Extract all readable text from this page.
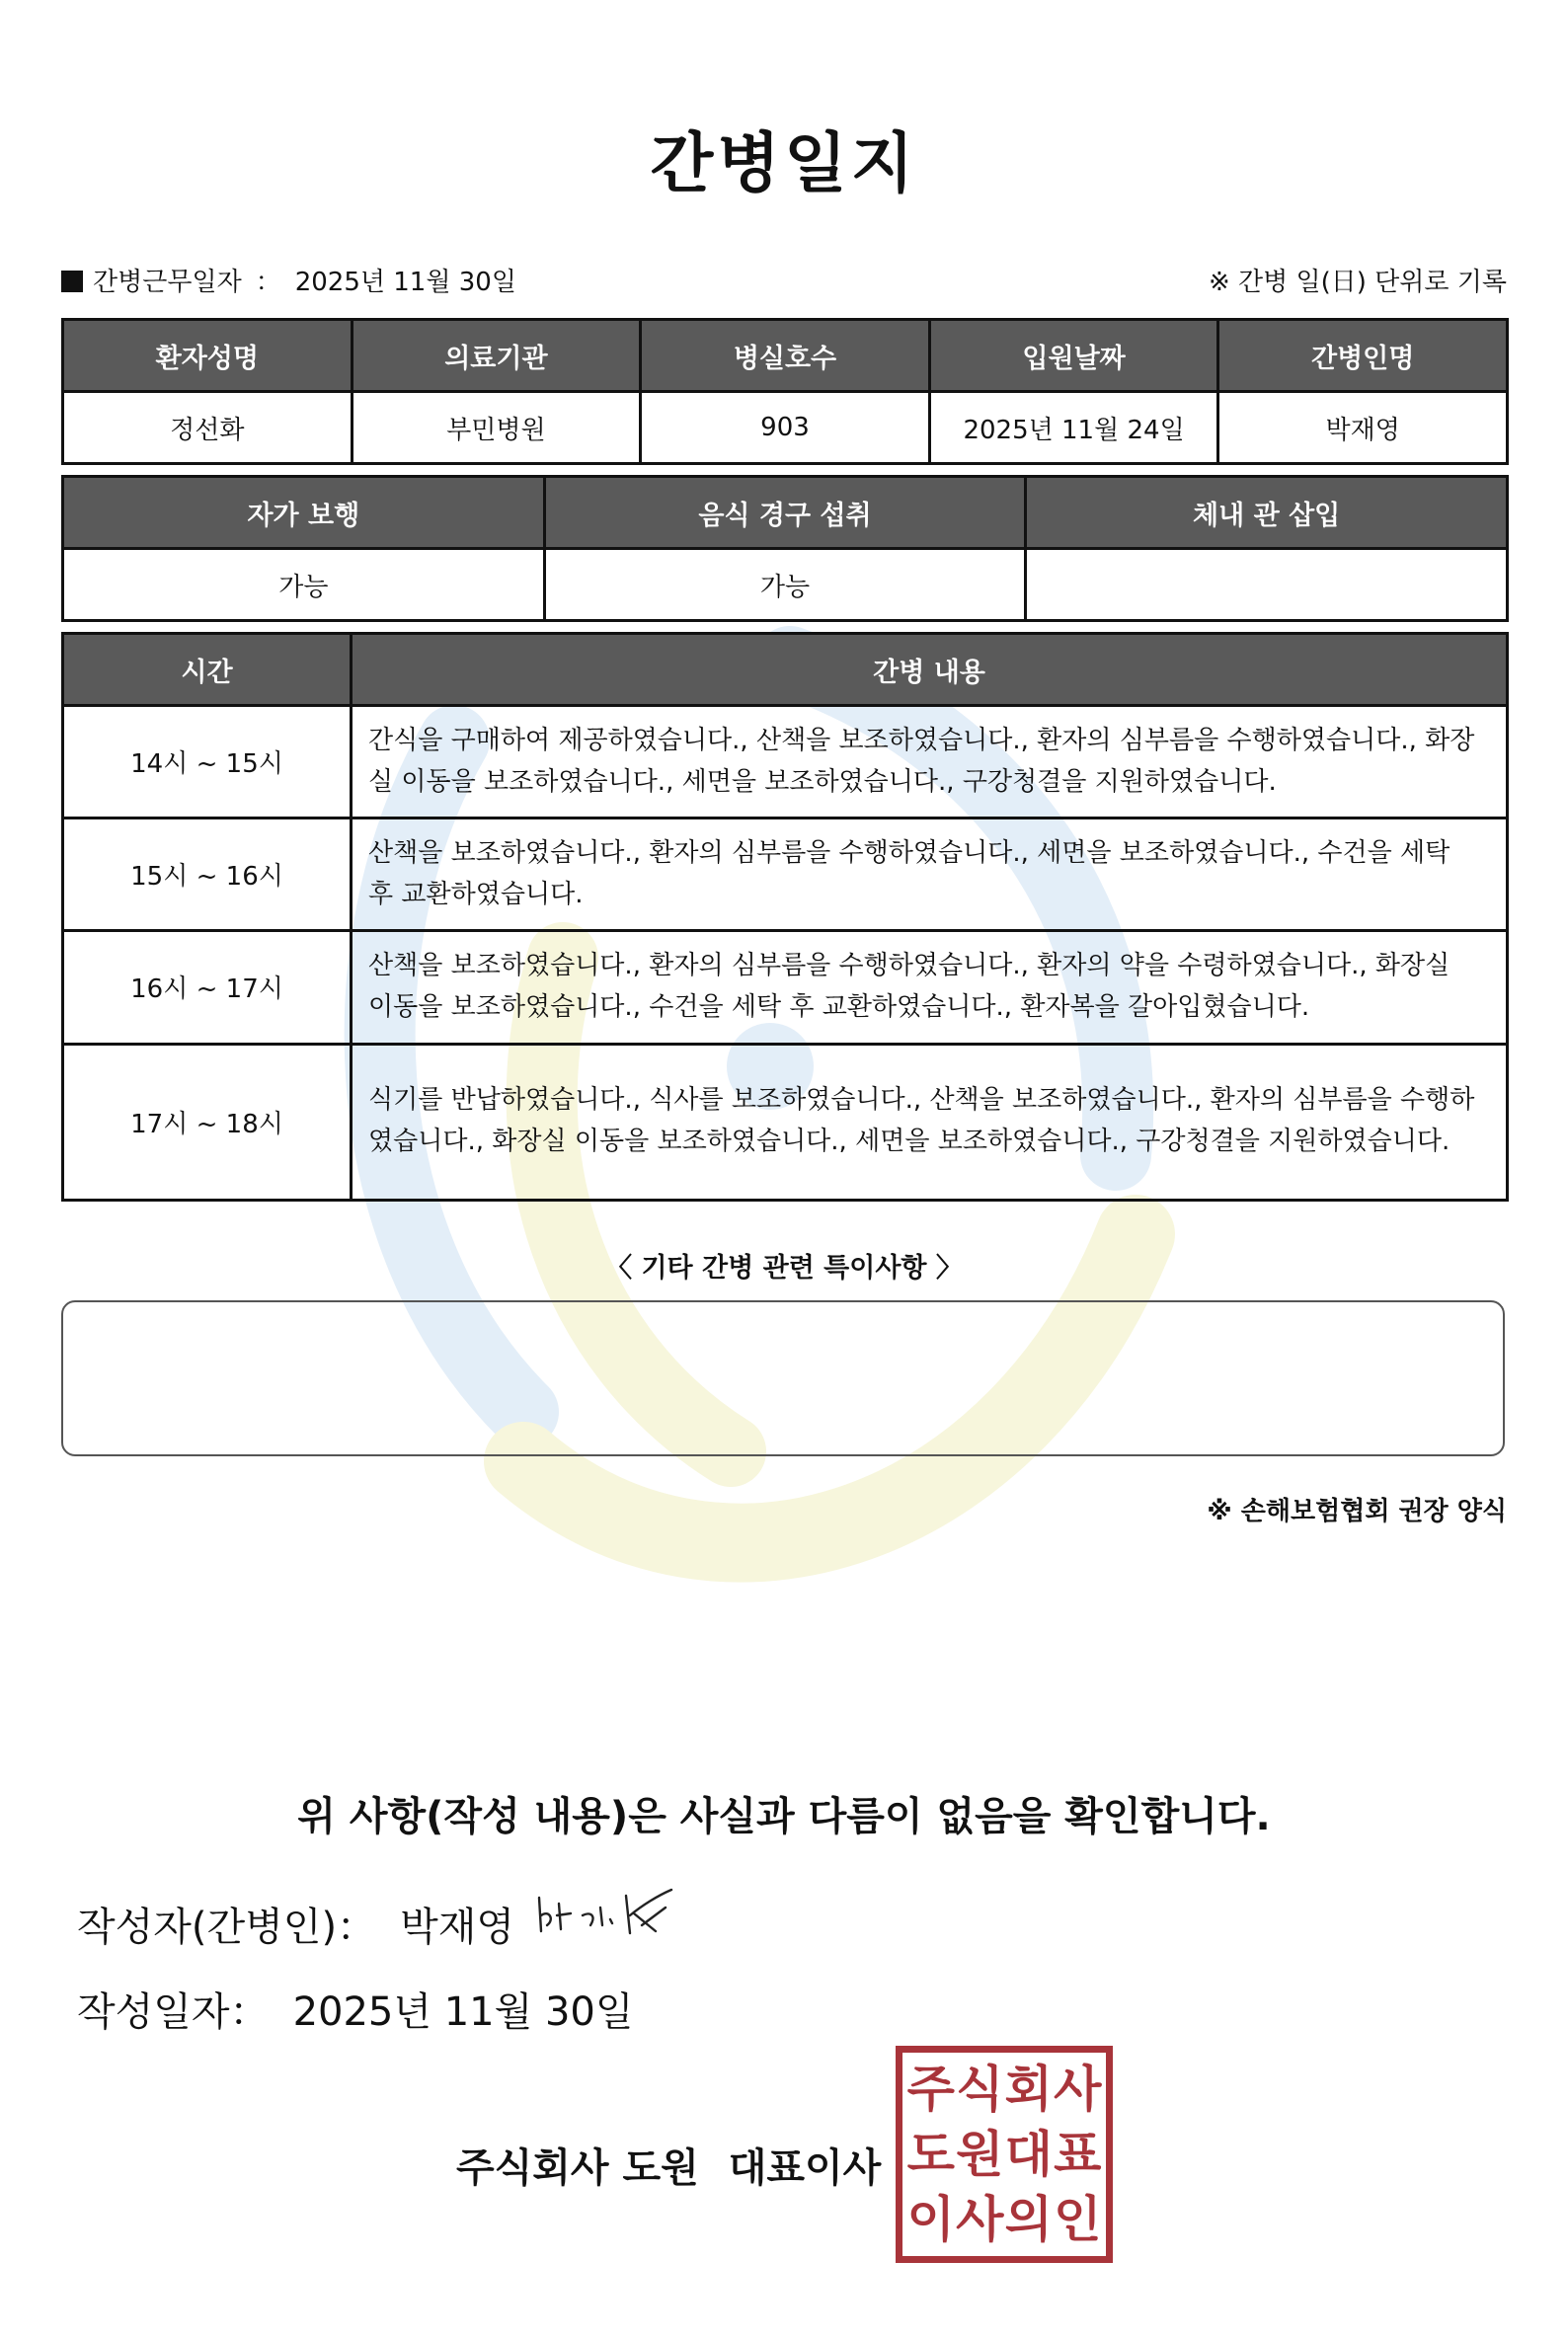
간병일지
간병근무일자 ： 2025년 11월 30일	※ 간병 일(日) 단위로 기록
환자성명	의료기관	병실호수	입원날짜	간병인명
정선화	부민병원	903	2025년 11월 24일	박재영
자가 보행	음식 경구 섭취	체내 관 삽입
가능	가능	
시간	간병 내용
14시 ~ 15시	간식을 구매하여 제공하였습니다., 산책을 보조하였습니다., 환자의 심부름을 수행하였습니다., 화장실 이동을 보조하였습니다., 세면을 보조하였습니다., 구강청결을 지원하였습니다.
15시 ~ 16시	산책을 보조하였습니다., 환자의 심부름을 수행하였습니다., 세면을 보조하였습니다., 수건을 세탁 후 교환하였습니다.
16시 ~ 17시	산책을 보조하였습니다., 환자의 심부름을 수행하였습니다., 환자의 약을 수령하였습니다., 화장실 이동을 보조하였습니다., 수건을 세탁 후 교환하였습니다., 환자복을 갈아입혔습니다.
17시 ~ 18시	식기를 반납하였습니다., 식사를 보조하였습니다., 산책을 보조하였습니다., 환자의 심부름을 수행하였습니다., 화장실 이동을 보조하였습니다., 세면을 보조하였습니다., 구강청결을 지원하였습니다.
〈 기타 간병 관련 특이사항 〉
※ 손해보험협회 권장 양식
위 사항(작성 내용)은 사실과 다름이 없음을 확인합니다.
작성자(간병인)： 박재영
작성일자： 2025년 11월 30일
주식회사 도원 대표이사
주 식 회 사
도 원 대 표
이 사 의 인
